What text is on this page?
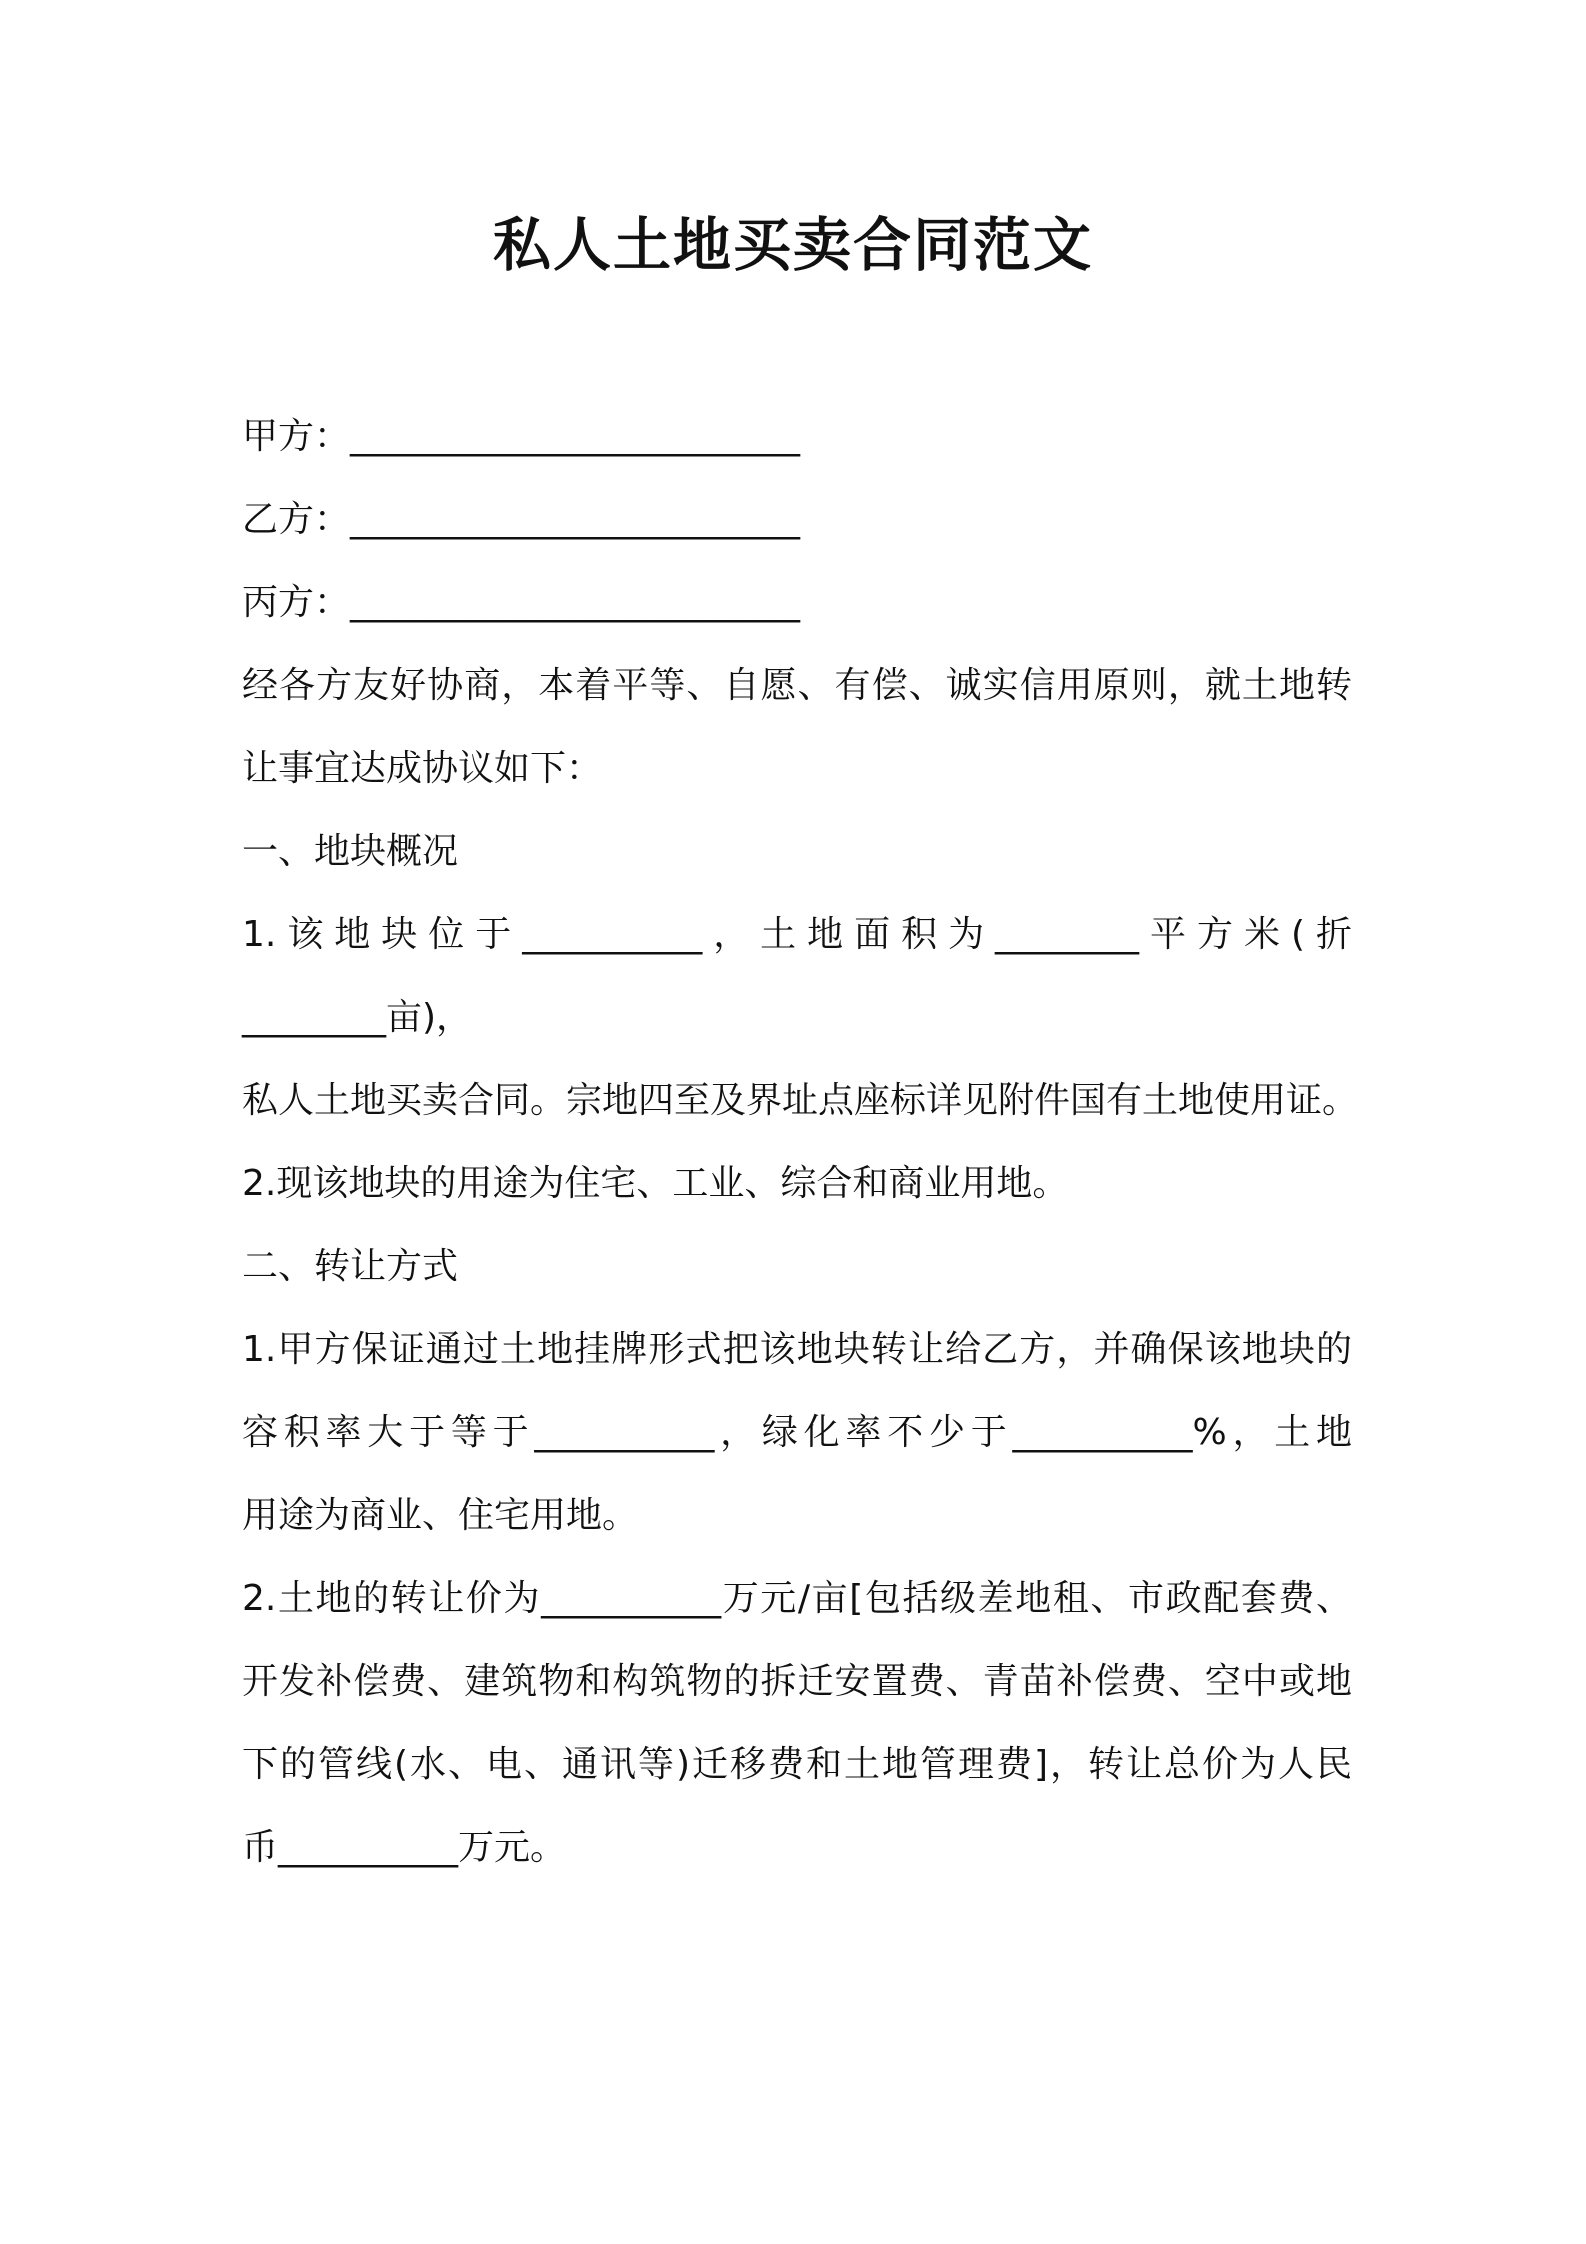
私人土地买卖合同范文
甲方：_________________________
乙方：_________________________
丙方：_________________________
经各方友好协商，本着平等、自愿、有偿、诚实信用原则，就土地转
让事宜达成协议如下：
一、地块概况
1.该地块位于__________，土地面积为________平方米(折
________亩)，
私人土地买卖合同。宗地四至及界址点座标详见附件国有土地使用证。
2.现该地块的用途为住宅、工业、综合和商业用地。
二、转让方式
1.甲方保证通过土地挂牌形式把该地块转让给乙方，并确保该地块的
容积率大于等于__________，绿化率不少于__________%，土地
用途为商业、住宅用地。
2.土地的转让价为__________万元/亩[包括级差地租、市政配套费、
开发补偿费、建筑物和构筑物的拆迁安置费、青苗补偿费、空中或地
下的管线(水、电、通讯等)迁移费和土地管理费]，转让总价为人民
币__________万元。
